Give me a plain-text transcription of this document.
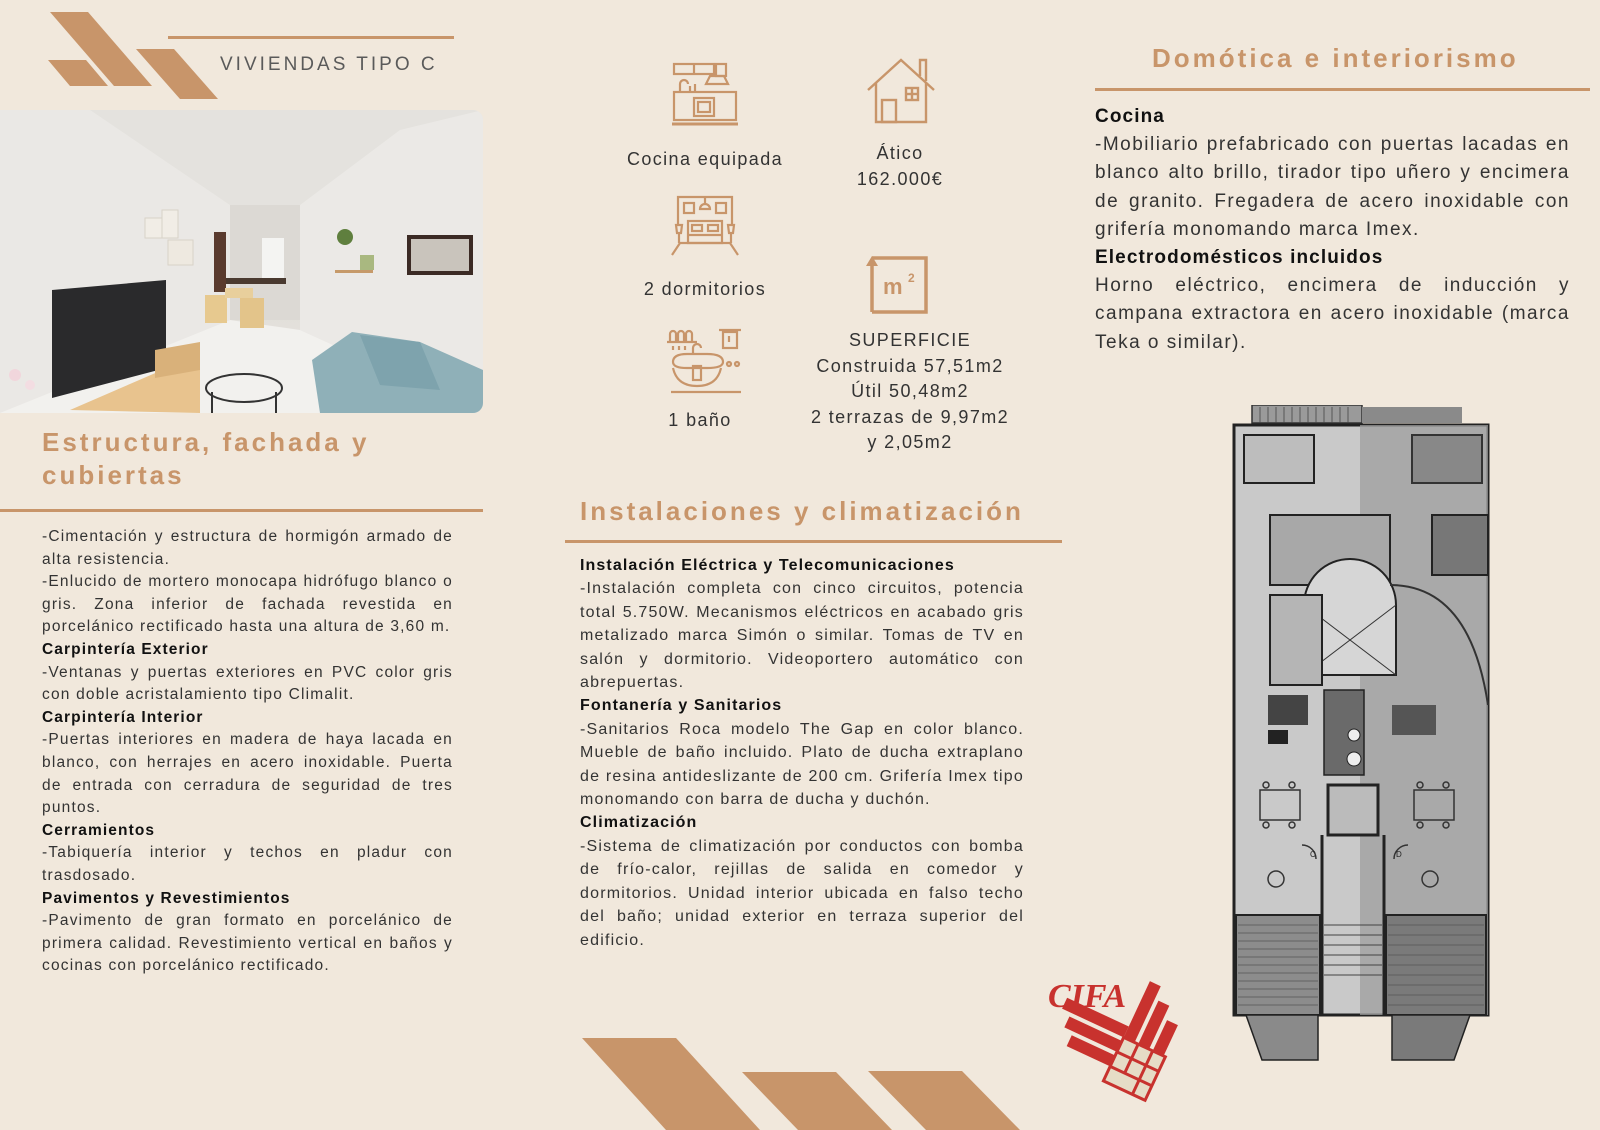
VIVIENDAS TIPO C
Estructura, fachada y
cubiertas
-Cimentación y estructura de hormigón armado de alta resistencia.
-Enlucido de mortero monocapa hidrófugo blanco o gris. Zona inferior de fachada revestida en porcelánico rectificado hasta una altura de 3,60 m.
Carpintería Exterior
-Ventanas y puertas exteriores en PVC color gris con doble acristalamiento tipo Climalit.
Carpintería Interior
-Puertas interiores en madera de haya lacada en blanco, con herrajes en acero inoxidable. Puerta de entrada con cerradura de seguridad de tres puntos.
Cerramientos
-Tabiquería interior y techos en pladur con trasdosado.
Pavimentos y Revestimientos
-Pavimento de gran formato en porcelánico de primera calidad. Revestimiento vertical en baños y cocinas con porcelánico rectificado.
Cocina equipada	Ático
162.000€
2 dormitorios	m 2
SUPERFICIE
Construida 57,51m2
Útil 50,48m2
2 terrazas de 9,97m2
y 2,05m2
1 baño
Instalaciones y climatización
Instalación Eléctrica y Telecomunicaciones
-Instalación completa con cinco circuitos, potencia total 5.750W. Mecanismos eléctricos en acabado gris metalizado marca Simón o similar. Tomas de TV en salón y dormitorio. Videoportero automático con abrepuertas.
Fontanería y Sanitarios
-Sanitarios Roca modelo The Gap en color blanco. Mueble de baño incluido. Plato de ducha extraplano de resina antideslizante de 200 cm. Grifería Imex tipo monomando con barra de ducha y duchón.
Climatización
-Sistema de climatización por conductos con bomba de frío-calor, rejillas de salida en comedor y dormitorios. Unidad interior ubicada en falso techo del baño; unidad exterior en terraza superior del edificio.
Domótica e interiorismo
Cocina
-Mobiliario prefabricado con puertas lacadas en blanco alto brillo, tirador tipo uñero y encimera de granito. Fregadera de acero inoxidable con grifería monomando marca Imex.
Electrodomésticos incluidos
Horno eléctrico, encimera de inducción y campana extractora en acero inoxidable (marca Teka o similar).
C	D
CIFA
